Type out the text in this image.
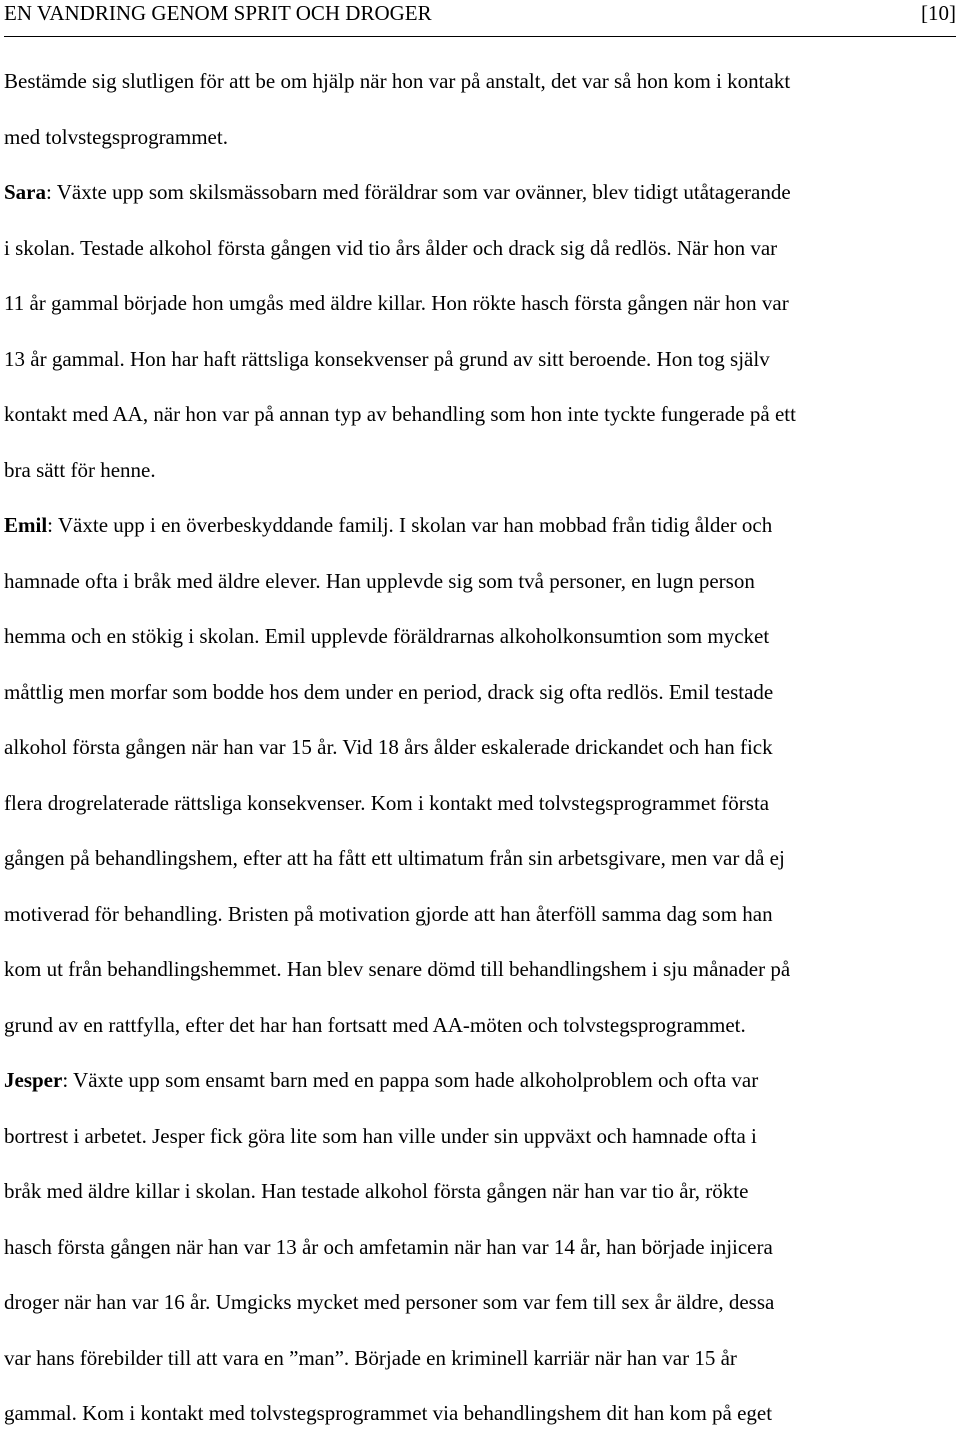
EN VANDRING GENOM SPRIT OCH DROGER	[10]
Bestämde sig slutligen för att be om hjälp när hon var på anstalt, det var så hon kom i kontakt
med tolvstegsprogrammet.
Sara: Växte upp som skilsmässobarn med föräldrar som var ovänner, blev tidigt utåtagerande
i skolan. Testade alkohol första gången vid tio års ålder och drack sig då redlös. När hon var
11 år gammal började hon umgås med äldre killar. Hon rökte hasch första gången när hon var
13 år gammal. Hon har haft rättsliga konsekvenser på grund av sitt beroende. Hon tog själv
kontakt med AA, när hon var på annan typ av behandling som hon inte tyckte fungerade på ett
bra sätt för henne.
Emil: Växte upp i en överbeskyddande familj. I skolan var han mobbad från tidig ålder och
hamnade ofta i bråk med äldre elever. Han upplevde sig som två personer, en lugn person
hemma och en stökig i skolan. Emil upplevde föräldrarnas alkoholkonsumtion som mycket
måttlig men morfar som bodde hos dem under en period, drack sig ofta redlös. Emil testade
alkohol första gången när han var 15 år. Vid 18 års ålder eskalerade drickandet och han fick
flera drogrelaterade rättsliga konsekvenser. Kom i kontakt med tolvstegsprogrammet första
gången på behandlingshem, efter att ha fått ett ultimatum från sin arbetsgivare, men var då ej
motiverad för behandling. Bristen på motivation gjorde att han återföll samma dag som han
kom ut från behandlingshemmet. Han blev senare dömd till behandlingshem i sju månader på
grund av en rattfylla, efter det har han fortsatt med AA-möten och tolvstegsprogrammet.
Jesper: Växte upp som ensamt barn med en pappa som hade alkoholproblem och ofta var
bortrest i arbetet. Jesper fick göra lite som han ville under sin uppväxt och hamnade ofta i
bråk med äldre killar i skolan. Han testade alkohol första gången när han var tio år, rökte
hasch första gången när han var 13 år och amfetamin när han var 14 år, han började injicera
droger när han var 16 år. Umgicks mycket med personer som var fem till sex år äldre, dessa
var hans förebilder till att vara en ”man”. Började en kriminell karriär när han var 15 år
gammal. Kom i kontakt med tolvstegsprogrammet via behandlingshem dit han kom på eget
